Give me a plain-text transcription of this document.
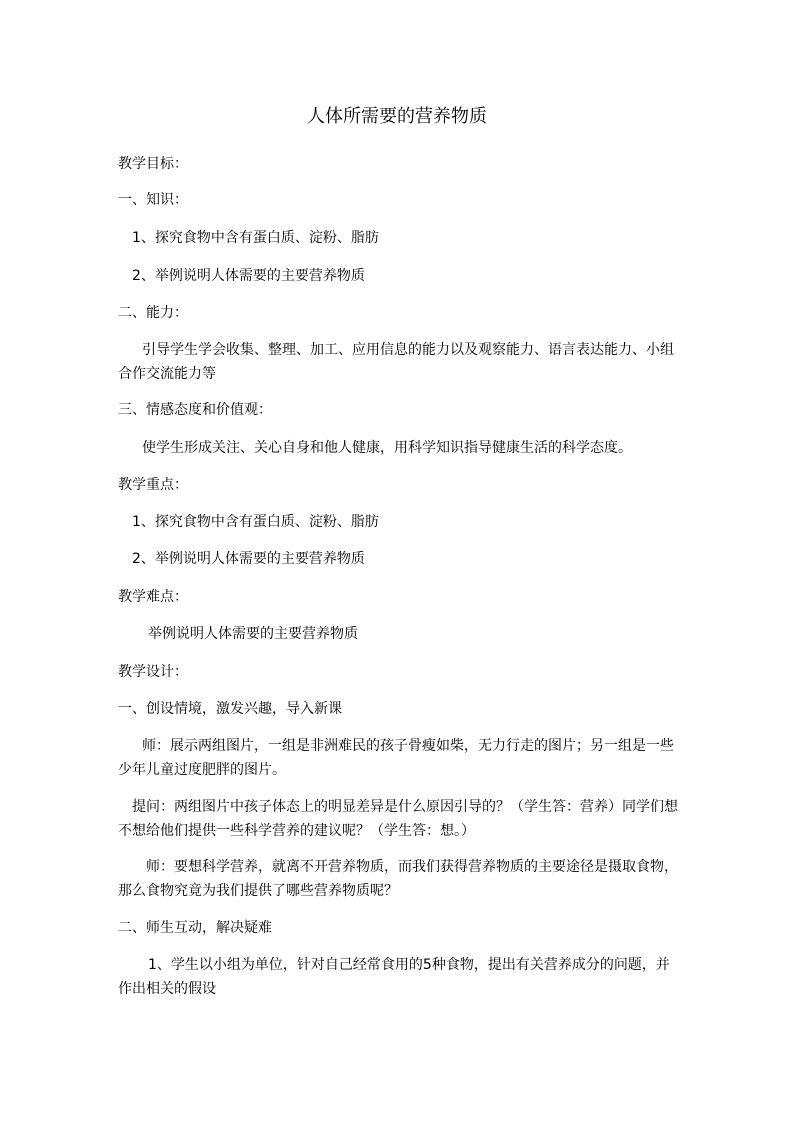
人体所需要的营养物质
教学目标：
一、知识：
1、探究食物中含有蛋白质、淀粉、脂肪
2、举例说明人体需要的主要营养物质
二、能力：
引导学生学会收集、整理、加工、应用信息的能力以及观察能力、语言表达能力、小组合作交流能力等
三、情感态度和价值观：
使学生形成关注、关心自身和他人健康，用科学知识指导健康生活的科学态度。
教学重点：
1、探究食物中含有蛋白质、淀粉、脂肪
2、举例说明人体需要的主要营养物质
教学难点：
举例说明人体需要的主要营养物质
教学设计：
一、创设情境，激发兴趣，导入新课
师：展示两组图片，一组是非洲难民的孩子骨瘦如柴，无力行走的图片；另一组是一些少年儿童过度肥胖的图片。
提问：两组图片中孩子体态上的明显差异是什么原因引导的？（学生答：营养）同学们想不想给他们提供一些科学营养的建议呢？（学生答：想。）
师：要想科学营养，就离不开营养物质，而我们获得营养物质的主要途径是摄取食物，那么食物究竟为我们提供了哪些营养物质呢？
二、师生互动，解决疑难
1、学生以小组为单位，针对自己经常食用的5种食物，提出有关营养成分的问题，并作出相关的假设
